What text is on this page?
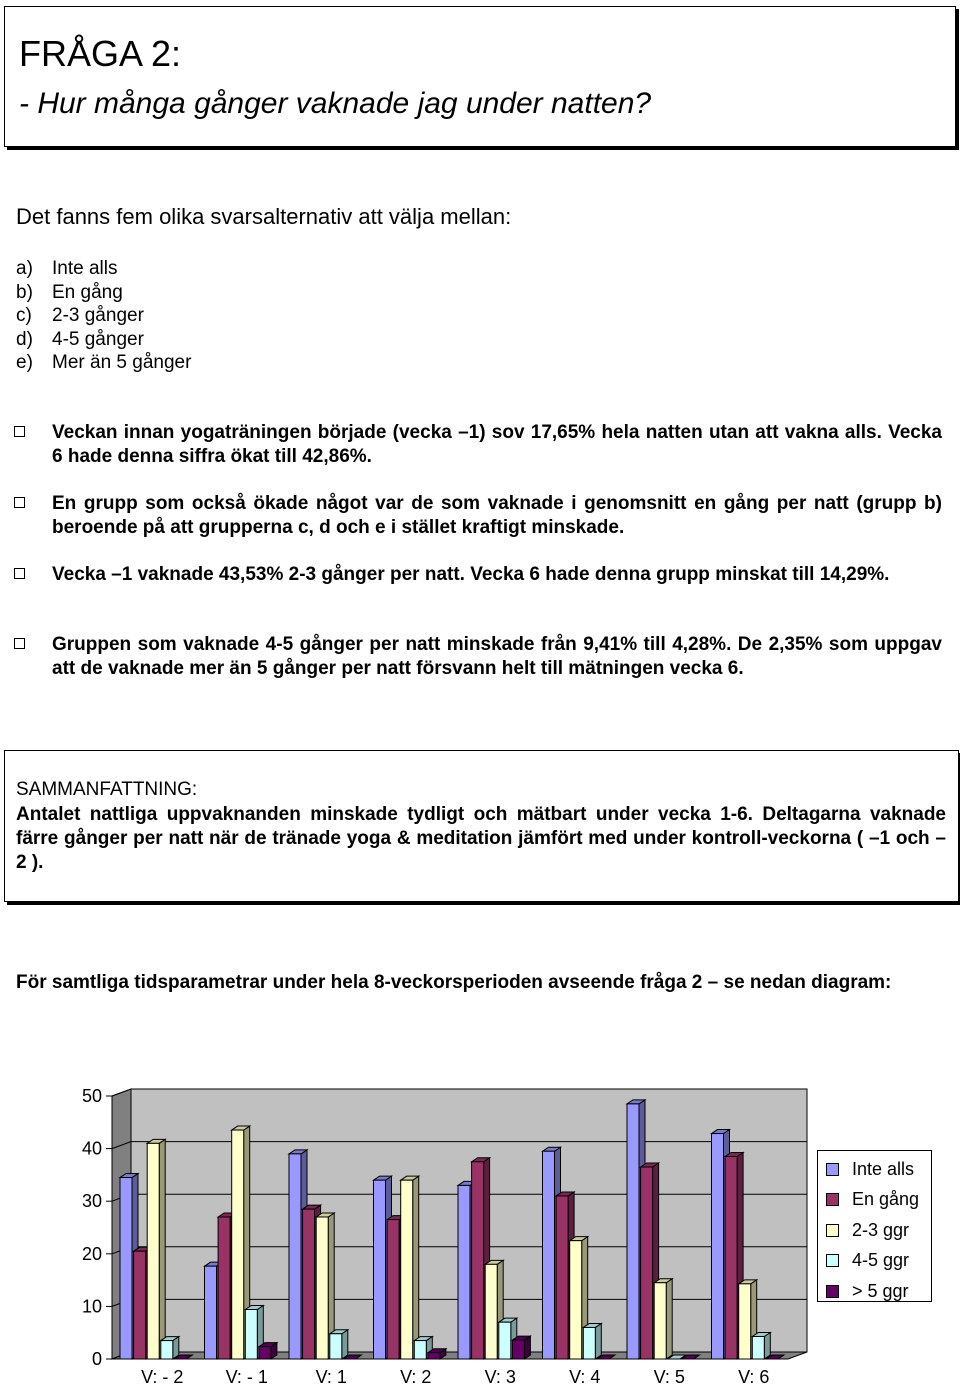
FRÅGA 2:
- Hur många gånger vaknade jag under natten?
Det fanns fem olika svarsalternativ att välja mellan:
a)	Inte alls
b)	En gång
c)	2-3 gånger
d)	4-5 gånger
e)	Mer än 5 gånger
Veckan innan yogaträningen började (vecka –1) sov 17,65% hela natten utan att vakna alls. Vecka 6 hade denna siffra ökat till 42,86%.
En grupp som också ökade något var de som vaknade i genomsnitt en gång per natt (grupp b) beroende på att grupperna c, d och e i stället kraftigt minskade.
Vecka –1 vaknade 43,53% 2-3 gånger per natt. Vecka 6 hade denna grupp minskat till 14,29%.
Gruppen som vaknade 4-5 gånger per natt minskade från 9,41% till 4,28%. De 2,35% som uppgav att de vaknade mer än 5 gånger per natt försvann helt till mätningen vecka 6.
SAMMANFATTNING:
Antalet nattliga uppvaknanden minskade tydligt och mätbart under vecka 1-6. Deltagarna vaknade färre gånger per natt när de tränade yoga & meditation jämfört med under kontroll-veckorna ( –1 och –2 ).
För samtliga tidsparametrar under hela 8-veckorsperioden avseende fråga 2 – se nedan diagram:
0
10
20
30
40
50
V: - 2 V: - 1	V: 1	V: 2	V: 3	V: 4	V: 5	V: 6
Inte alls
En gång
2-3 ggr
4-5 ggr
> 5 ggr
